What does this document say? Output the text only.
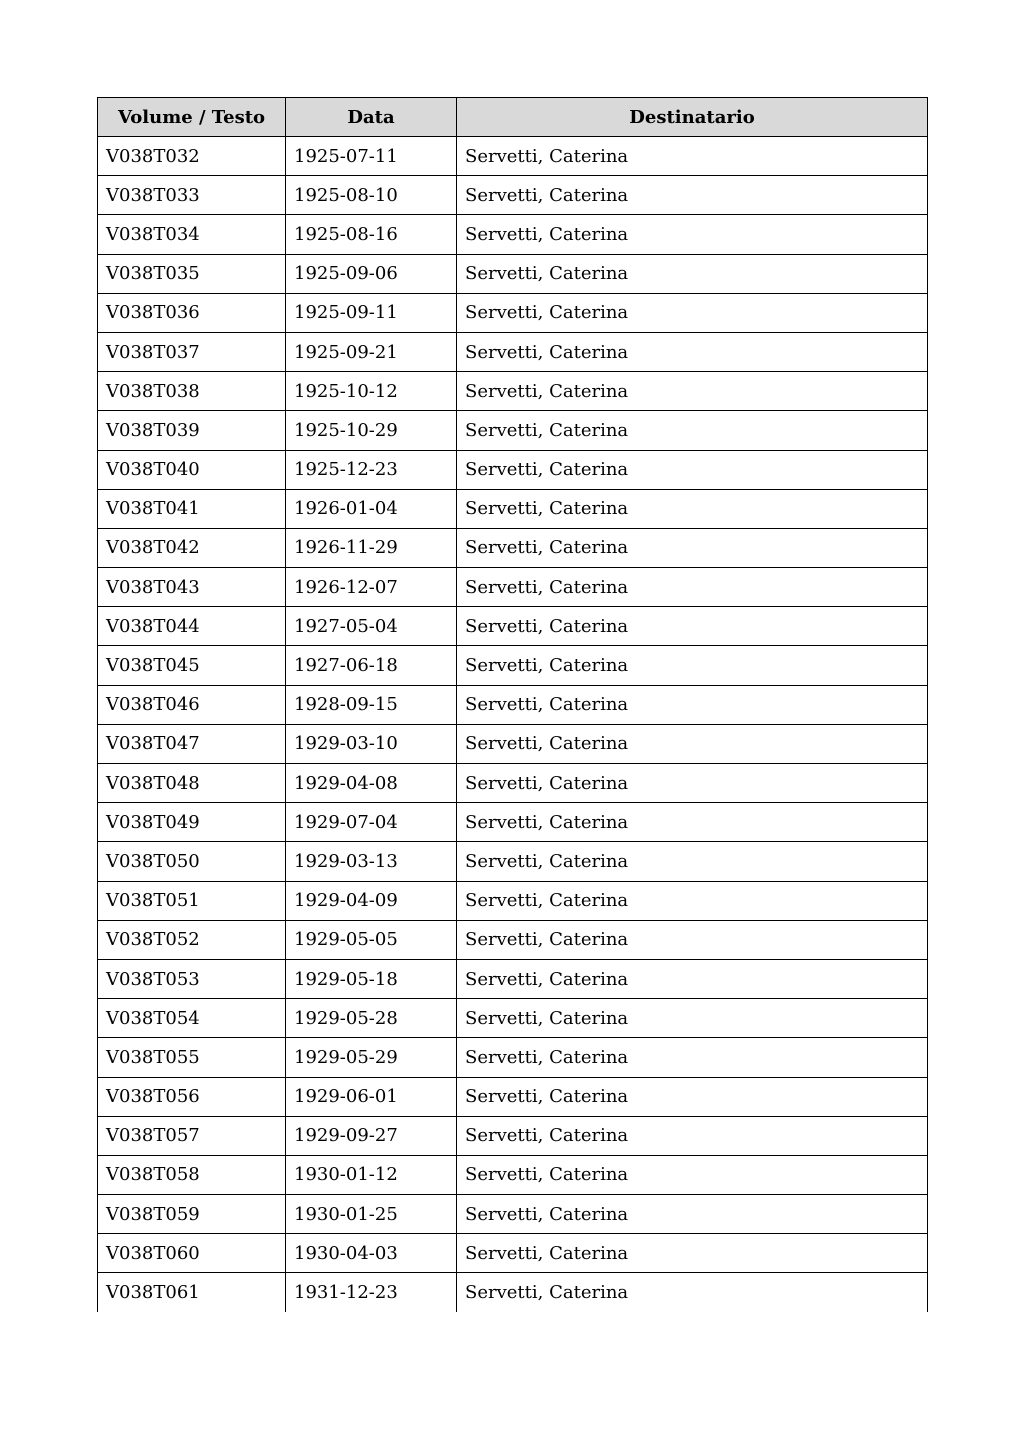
Volume / Testo	Data	Destinatario
V038T032	1925-07-11	Servetti, Caterina
V038T033	1925-08-10	Servetti, Caterina
V038T034	1925-08-16	Servetti, Caterina
V038T035	1925-09-06	Servetti, Caterina
V038T036	1925-09-11	Servetti, Caterina
V038T037	1925-09-21	Servetti, Caterina
V038T038	1925-10-12	Servetti, Caterina
V038T039	1925-10-29	Servetti, Caterina
V038T040	1925-12-23	Servetti, Caterina
V038T041	1926-01-04	Servetti, Caterina
V038T042	1926-11-29	Servetti, Caterina
V038T043	1926-12-07	Servetti, Caterina
V038T044	1927-05-04	Servetti, Caterina
V038T045	1927-06-18	Servetti, Caterina
V038T046	1928-09-15	Servetti, Caterina
V038T047	1929-03-10	Servetti, Caterina
V038T048	1929-04-08	Servetti, Caterina
V038T049	1929-07-04	Servetti, Caterina
V038T050	1929-03-13	Servetti, Caterina
V038T051	1929-04-09	Servetti, Caterina
V038T052	1929-05-05	Servetti, Caterina
V038T053	1929-05-18	Servetti, Caterina
V038T054	1929-05-28	Servetti, Caterina
V038T055	1929-05-29	Servetti, Caterina
V038T056	1929-06-01	Servetti, Caterina
V038T057	1929-09-27	Servetti, Caterina
V038T058	1930-01-12	Servetti, Caterina
V038T059	1930-01-25	Servetti, Caterina
V038T060	1930-04-03	Servetti, Caterina
V038T061	1931-12-23	Servetti, Caterina
